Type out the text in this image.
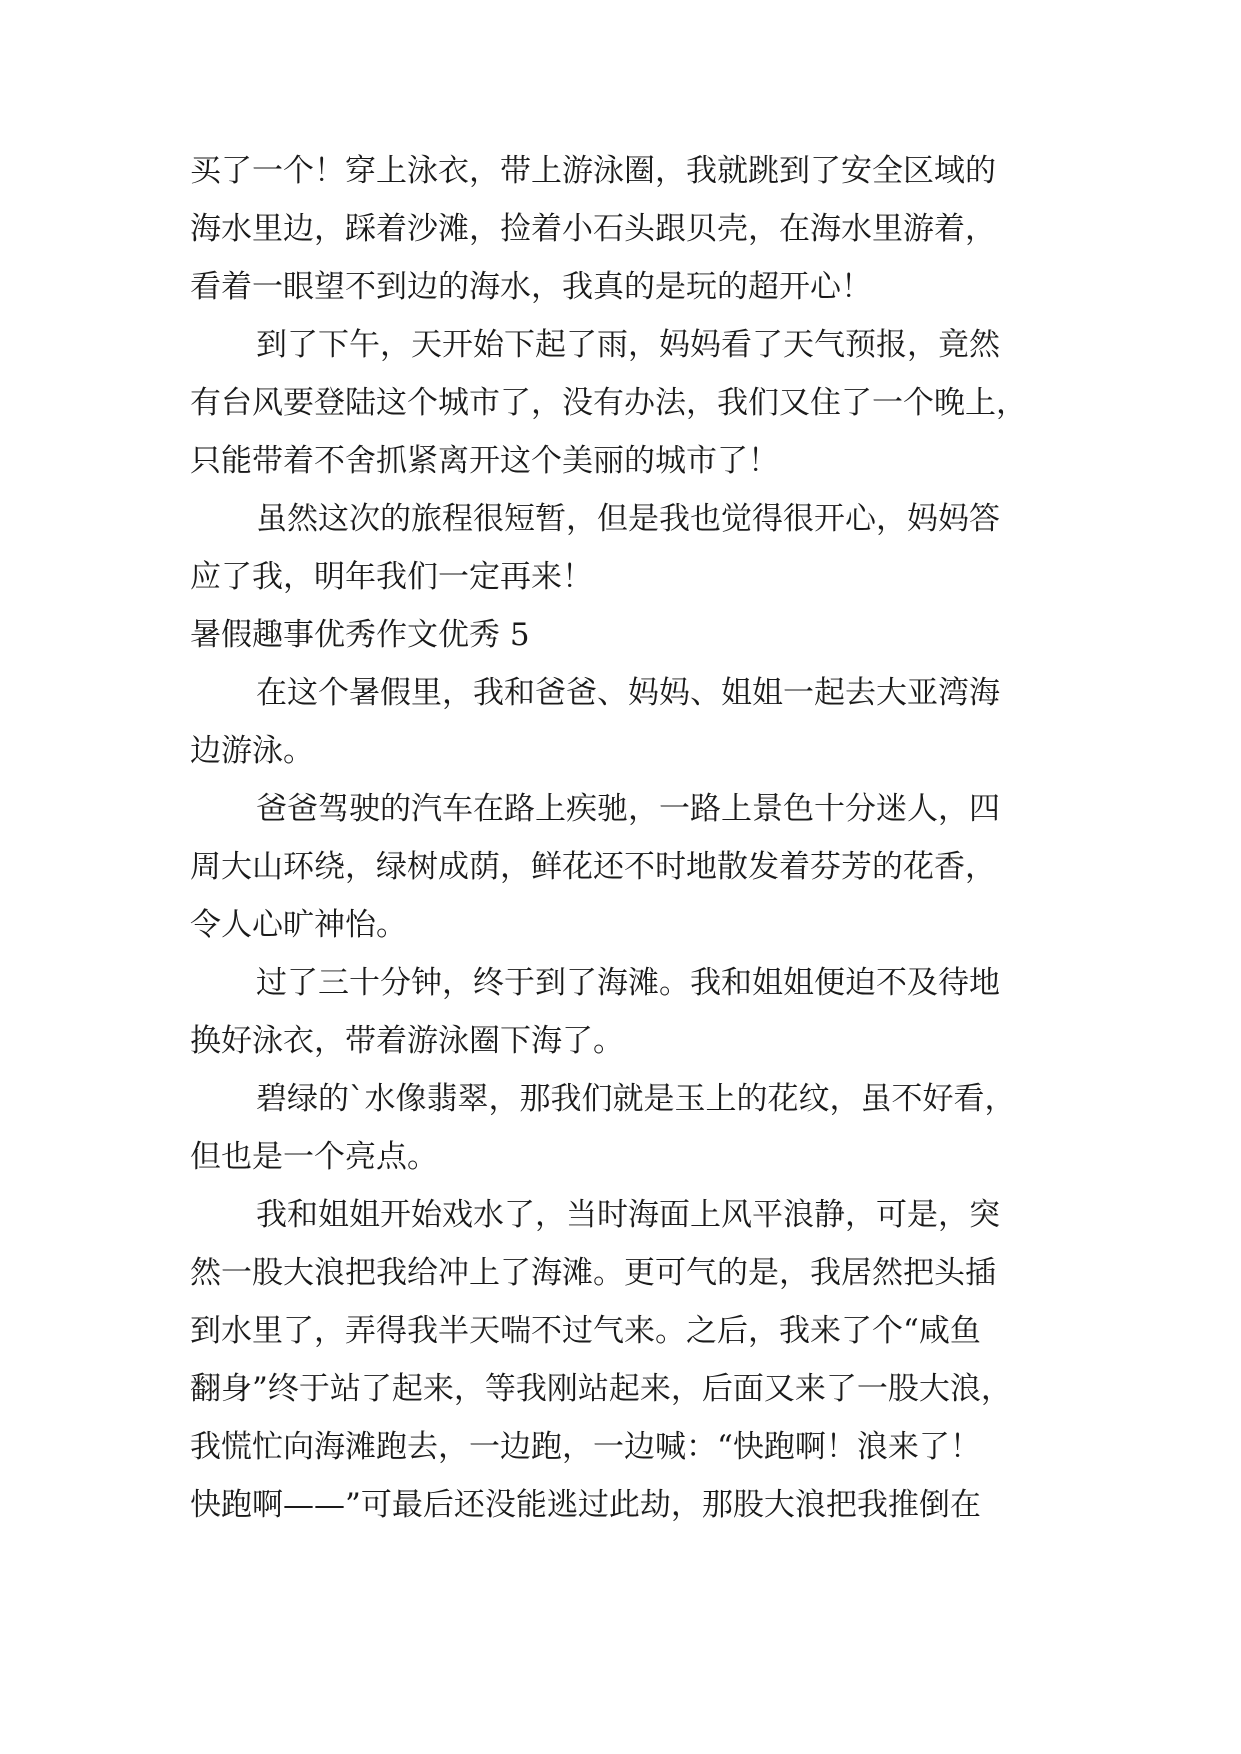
买了一个！穿上泳衣，带上游泳圈，我就跳到了安全区域的

海水里边，踩着沙滩，捡着小石头跟贝壳，在海水里游着，

看着一眼望不到边的海水，我真的是玩的超开心！

到了下午，天开始下起了雨，妈妈看了天气预报，竟然

有台风要登陆这个城市了，没有办法，我们又住了一个晚上，

只能带着不舍抓紧离开这个美丽的城市了！

虽然这次的旅程很短暂，但是我也觉得很开心，妈妈答

应了我，明年我们一定再来！

暑假趣事优秀作文优秀 5

在这个暑假里，我和爸爸、妈妈、姐姐一起去大亚湾海

边游泳。

爸爸驾驶的汽车在路上疾驰，一路上景色十分迷人，四

周大山环绕，绿树成荫，鲜花还不时地散发着芬芳的花香，

令人心旷神怡。

过了三十分钟，终于到了海滩。我和姐姐便迫不及待地

换好泳衣，带着游泳圈下海了。

碧绿的`水像翡翠，那我们就是玉上的花纹，虽不好看，

但也是一个亮点。

我和姐姐开始戏水了，当时海面上风平浪静，可是，突

然一股大浪把我给冲上了海滩。更可气的是，我居然把头插

到水里了，弄得我半天喘不过气来。之后，我来了个“咸鱼

翻身”终于站了起来，等我刚站起来，后面又来了一股大浪，

我慌忙向海滩跑去，一边跑，一边喊：“快跑啊！浪来了！

快跑啊——”可最后还没能逃过此劫，那股大浪把我推倒在
